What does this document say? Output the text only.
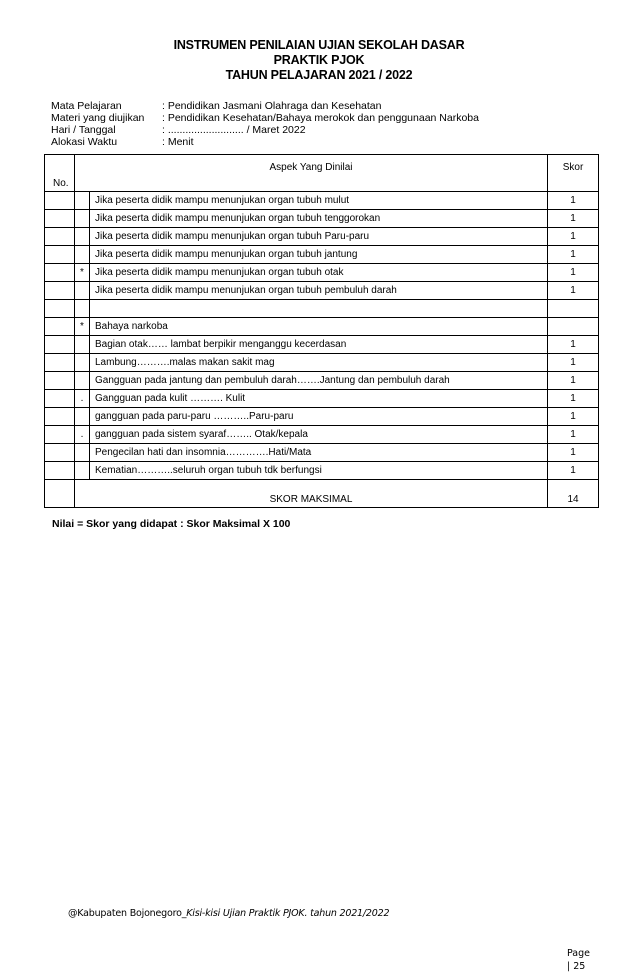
INSTRUMEN PENILAIAN UJIAN SEKOLAH DASAR
PRAKTIK PJOK
TAHUN PELAJARAN 2021 / 2022
Mata Pelajaran	: Pendidikan Jasmani Olahraga dan Kesehatan
Materi yang diujikan	: Pendidikan Kesehatan/Bahaya merokok dan penggunaan Narkoba
Hari / Tanggal	: .......................... / Maret 2022
Alokasi Waktu	: Menit
No.	Aspek Yang Dinilai		Skor
		Jika peserta didik mampu menunjukan organ tubuh mulut	1
		Jika peserta didik mampu menunjukan organ tubuh tenggorokan	1
		Jika peserta didik mampu menunjukan organ tubuh Paru-paru	1
		Jika peserta didik mampu menunjukan organ tubuh jantung	1
	*	Jika peserta didik mampu menunjukan organ tubuh otak	1
		Jika peserta didik mampu menunjukan organ tubuh pembuluh darah	1

	*	Bahaya narkoba	
		Bagian otak…… lambat berpikir menganggu kecerdasan	1
		Lambung……….malas makan sakit mag	1
		Gangguan pada jantung dan pembuluh darah…….Jantung dan pembuluh darah	1
	.	Gangguan pada kulit ………. Kulit	1
		gangguan pada paru-paru ………..Paru-paru	1
	.	gangguan pada sistem syaraf…….. Otak/kepala	1
		Pengecilan hati dan insomnia………….Hati/Mata	1
		Kematian………..seluruh organ tubuh tdk berfungsi	1
	SKOR MAKSIMAL		14
Nilai = Skor yang didapat : Skor Maksimal X 100
@Kabupaten Bojonegoro_Kisi-kisi Ujian Praktik PJOK. tahun 2021/2022
Page
| 25
